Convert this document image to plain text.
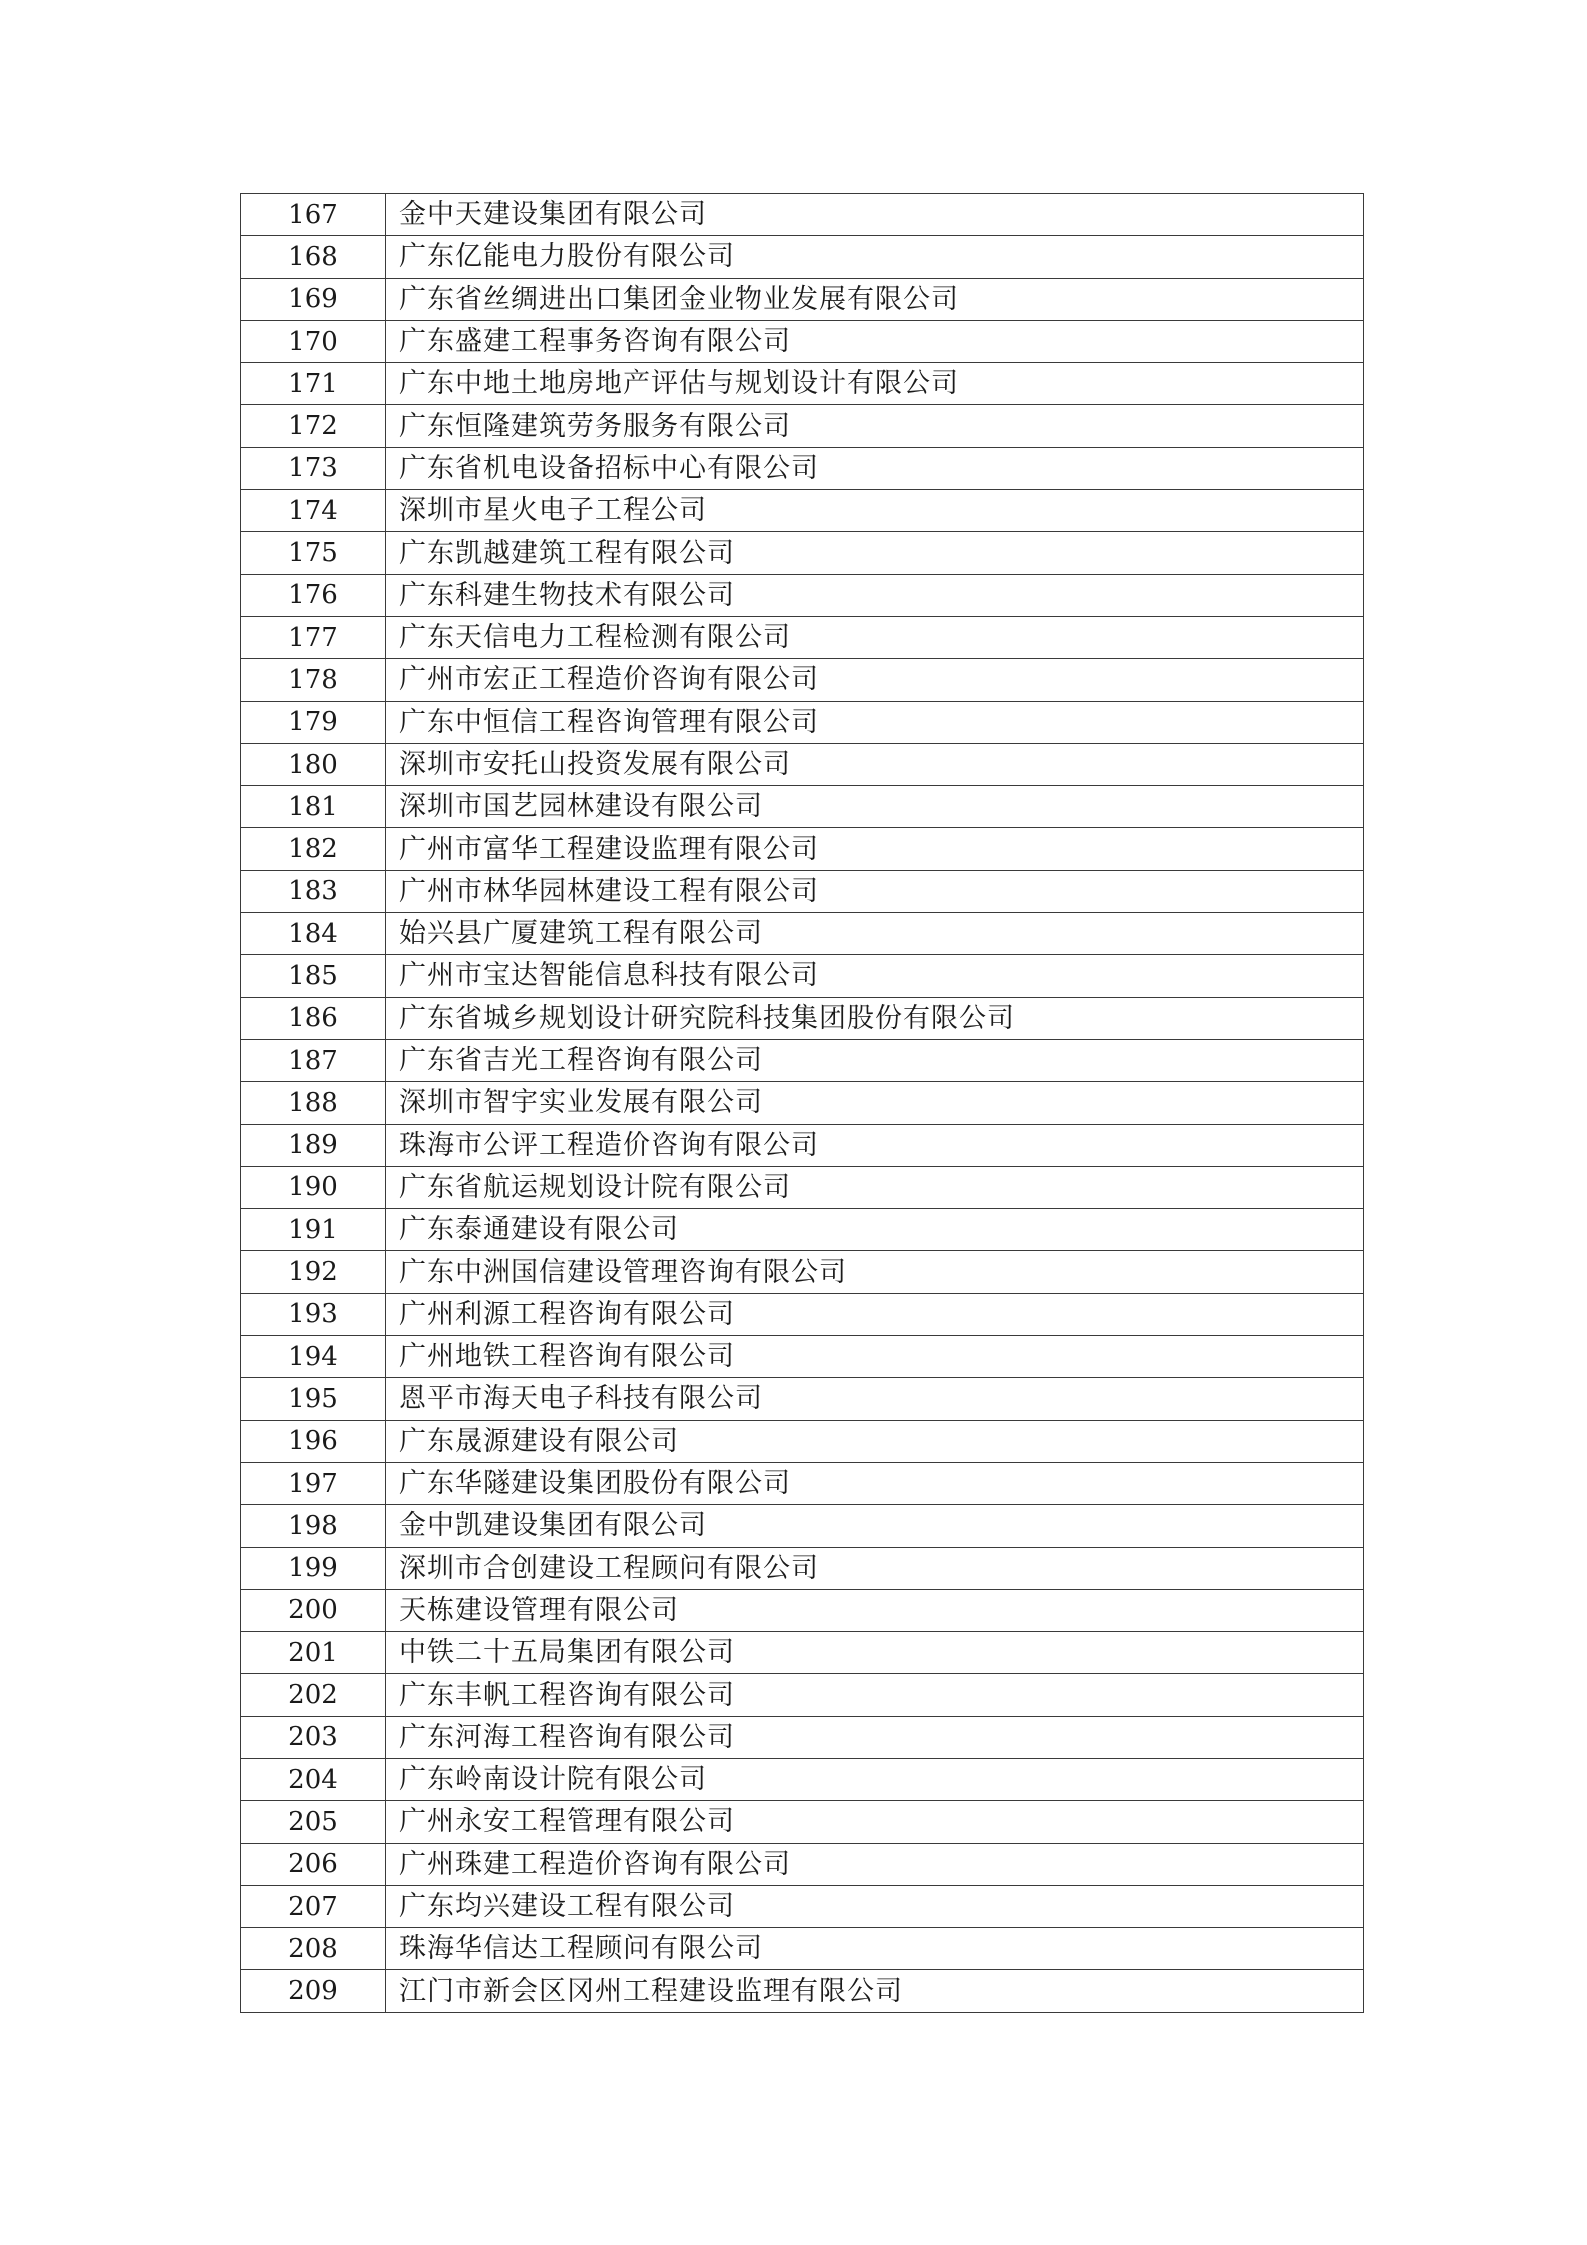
167	金中天建设集团有限公司
168	广东亿能电力股份有限公司
169	广东省丝绸进出口集团金业物业发展有限公司
170	广东盛建工程事务咨询有限公司
171	广东中地土地房地产评估与规划设计有限公司
172	广东恒隆建筑劳务服务有限公司
173	广东省机电设备招标中心有限公司
174	深圳市星火电子工程公司
175	广东凯越建筑工程有限公司
176	广东科建生物技术有限公司
177	广东天信电力工程检测有限公司
178	广州市宏正工程造价咨询有限公司
179	广东中恒信工程咨询管理有限公司
180	深圳市安托山投资发展有限公司
181	深圳市国艺园林建设有限公司
182	广州市富华工程建设监理有限公司
183	广州市林华园林建设工程有限公司
184	始兴县广厦建筑工程有限公司
185	广州市宝达智能信息科技有限公司
186	广东省城乡规划设计研究院科技集团股份有限公司
187	广东省吉光工程咨询有限公司
188	深圳市智宇实业发展有限公司
189	珠海市公评工程造价咨询有限公司
190	广东省航运规划设计院有限公司
191	广东泰通建设有限公司
192	广东中洲国信建设管理咨询有限公司
193	广州利源工程咨询有限公司
194	广州地铁工程咨询有限公司
195	恩平市海天电子科技有限公司
196	广东晟源建设有限公司
197	广东华隧建设集团股份有限公司
198	金中凯建设集团有限公司
199	深圳市合创建设工程顾问有限公司
200	天栋建设管理有限公司
201	中铁二十五局集团有限公司
202	广东丰帆工程咨询有限公司
203	广东河海工程咨询有限公司
204	广东岭南设计院有限公司
205	广州永安工程管理有限公司
206	广州珠建工程造价咨询有限公司
207	广东均兴建设工程有限公司
208	珠海华信达工程顾问有限公司
209	江门市新会区冈州工程建设监理有限公司
